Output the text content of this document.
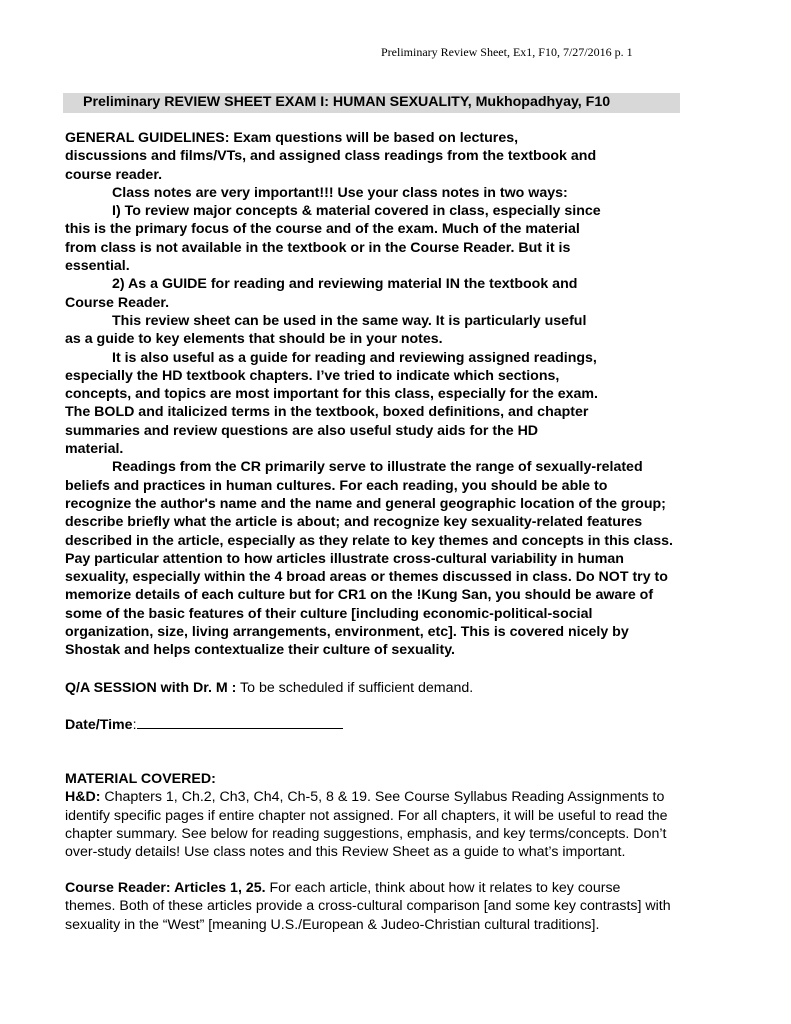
Preliminary Review Sheet, Ex1, F10, 7/27/2016 p. 1
Preliminary REVIEW SHEET EXAM I: HUMAN SEXUALITY, Mukhopadhyay, F10
GENERAL GUIDELINES: Exam questions will be based on lectures,
discussions and films/VTs, and assigned class readings from the textbook and
course reader.
Class notes are very important!!! Use your class notes in two ways:
I) To review major concepts & material covered in class, especially since
this is the primary focus of the course and of the exam. Much of the material
from class is not available in the textbook or in the Course Reader. But it is
essential.
2) As a GUIDE for reading and reviewing material IN the textbook and
Course Reader.
This review sheet can be used in the same way. It is particularly useful
as a guide to key elements that should be in your notes.
It is also useful as a guide for reading and reviewing assigned readings,
especially the HD textbook chapters. I’ve tried to indicate which sections,
concepts, and topics are most important for this class, especially for the exam.
The BOLD and italicized terms in the textbook, boxed definitions, and chapter
summaries and review questions are also useful study aids for the HD
material.
Readings from the CR primarily serve to illustrate the range of sexually-related
beliefs and practices in human cultures. For each reading, you should be able to
recognize the author's name and the name and general geographic location of the group;
describe briefly what the article is about; and recognize key sexuality-related features
described in the article, especially as they relate to key themes and concepts in this class.
Pay particular attention to how articles illustrate cross-cultural variability in human
sexuality, especially within the 4 broad areas or themes discussed in class. Do NOT try to
memorize details of each culture but for CR1 on the !Kung San, you should be aware of
some of the basic features of their culture [including economic-political-social
organization, size, living arrangements, environment, etc]. This is covered nicely by
Shostak and helps contextualize their culture of sexuality.
Q/A SESSION with Dr. M : To be scheduled if sufficient demand.
Date/Time:
MATERIAL COVERED:
H&D: Chapters 1, Ch.2, Ch3, Ch4, Ch-5, 8 & 19. See Course Syllabus Reading Assignments to
identify specific pages if entire chapter not assigned. For all chapters, it will be useful to read the
chapter summary. See below for reading suggestions, emphasis, and key terms/concepts. Don’t
over-study details! Use class notes and this Review Sheet as a guide to what’s important.
Course Reader: Articles 1, 25. For each article, think about how it relates to key course
themes. Both of these articles provide a cross-cultural comparison [and some key contrasts] with
sexuality in the “West” [meaning U.S./European & Judeo-Christian cultural traditions].
